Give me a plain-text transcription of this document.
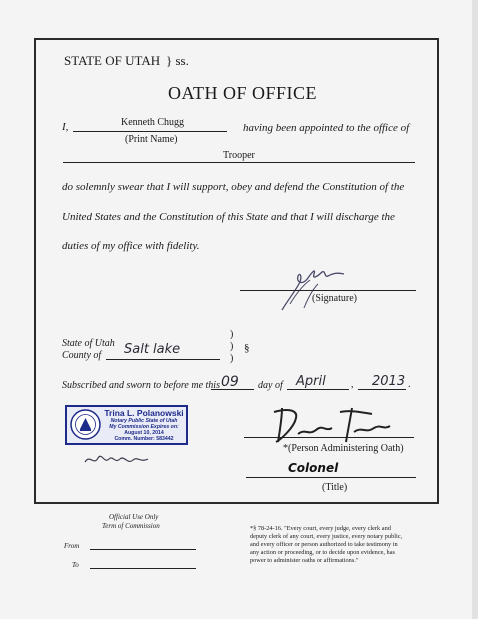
STATE OF UTAH } ss.
OATH OF OFFICE
I,	Kenneth Chugg
(Print Name)
having been appointed to the office of
Trooper
do solemnly swear that I will support, obey and defend the Constitution of the
United States and the Constitution of this State and that I will discharge the
duties of my office with fidelity.
(Signature)
State of Utah
County of Salt lake
)
)
)
§
Subscribed and sworn to before me this 09 day of April	, 2013 .
Trina L. Polanowski
Notary Public State of Utah
My Commission Expires on:
August 10, 2014
Comm. Number: 583442
*(Person Administering Oath)
Colonel
(Title)
Official Use Only
Term of Commission
From
To
*§ 78-24-16. "Every court, every judge, every clerk and
deputy clerk of any court, every justice, every notary public,
and every officer or person authorized to take testimony in
any action or proceeding, or to decide upon evidence, has
power to administer oaths or affirmations."
